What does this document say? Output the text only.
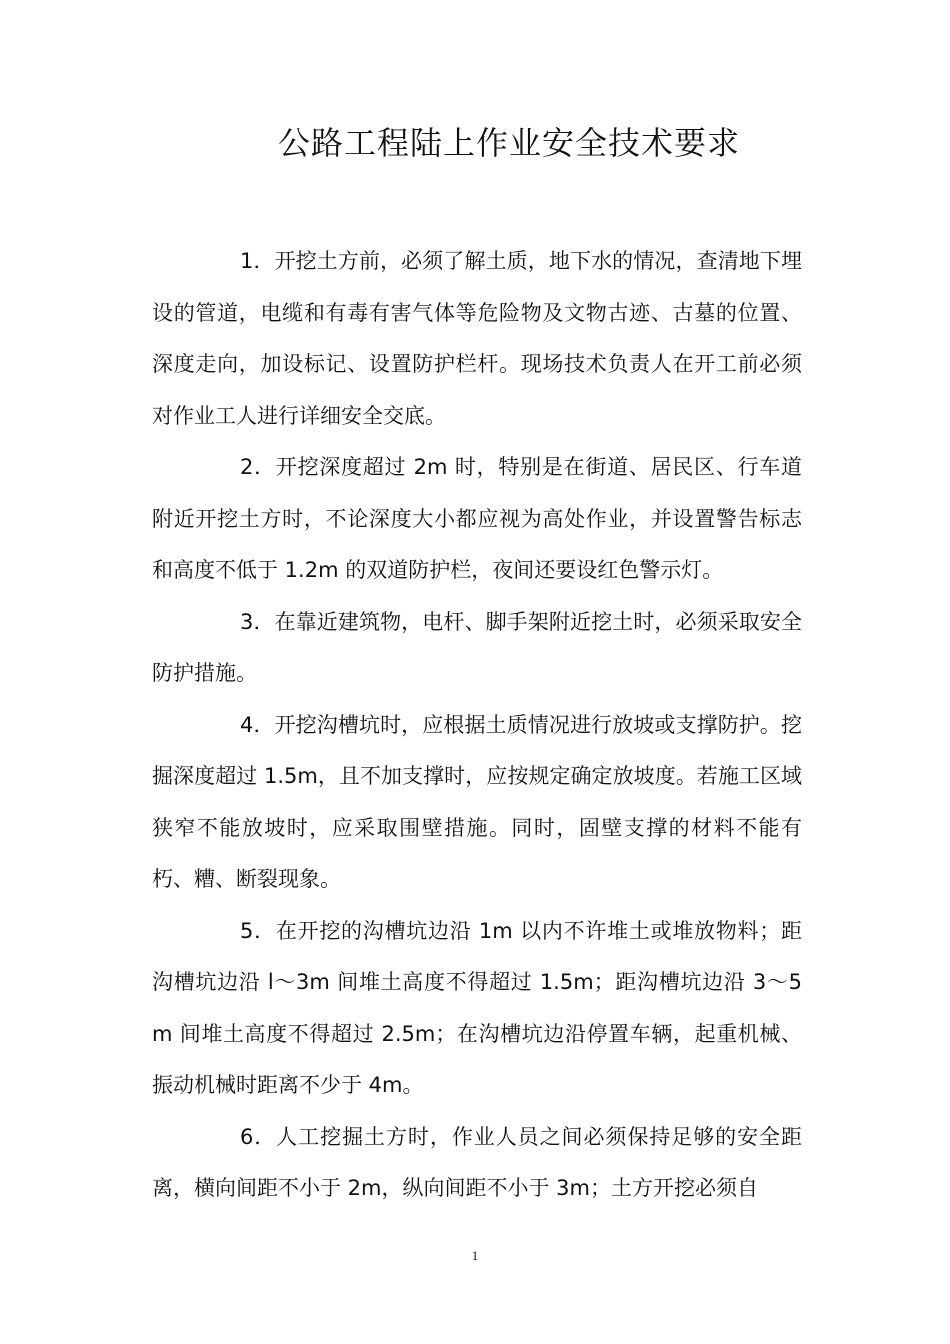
公路工程陆上作业安全技术要求

1．开挖土方前，必须了解土质，地下水的情况，查清地下埋设的管道，电缆和有毒有害气体等危险物及文物古迹、古墓的位置、深度走向，加设标记、设置防护栏杆。现场技术负责人在开工前必须对作业工人进行详细安全交底。

2．开挖深度超过 2m 时，特别是在街道、居民区、行车道附近开挖土方时，不论深度大小都应视为高处作业，并设置警告标志和高度不低于 1.2m 的双道防护栏，夜间还要设红色警示灯。

3．在靠近建筑物，电杆、脚手架附近挖土时，必须采取安全防护措施。

4．开挖沟槽坑时，应根据土质情况进行放坡或支撑防护。挖掘深度超过 1.5m，且不加支撑时，应按规定确定放坡度。若施工区域狭窄不能放坡时，应采取围壁措施。同时，固壁支撑的材料不能有朽、糟、断裂现象。

5．在开挖的沟槽坑边沿 1m 以内不许堆土或堆放物料；距沟槽坑边沿 l～3m 间堆土高度不得超过 1.5m；距沟槽坑边沿 3～5m 间堆土高度不得超过 2.5m；在沟槽坑边沿停置车辆，起重机械、振动机械时距离不少于 4m。

6．人工挖掘土方时，作业人员之间必须保持足够的安全距离，横向间距不小于 2m，纵向间距不小于 3m；土方开挖必须自

1
